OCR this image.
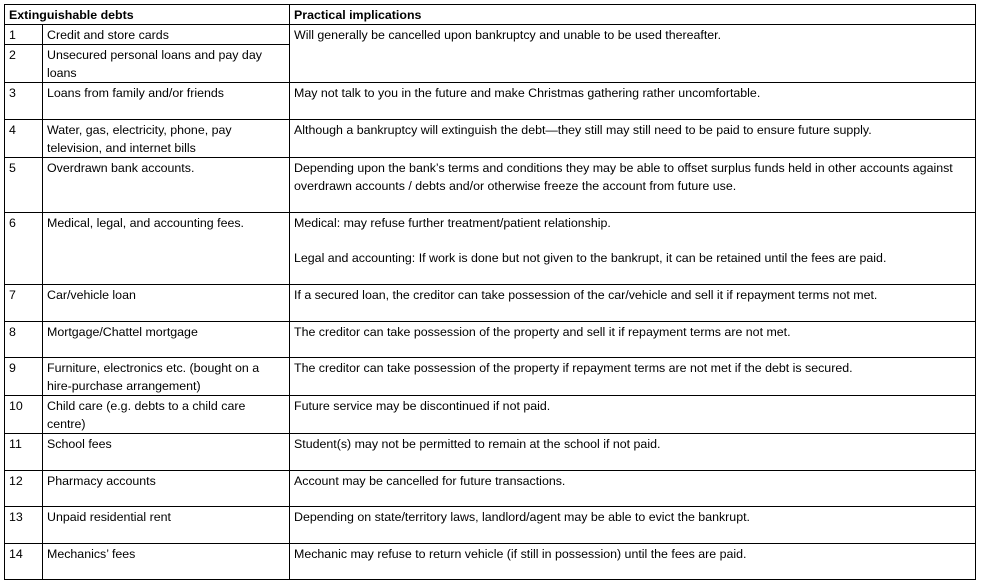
Extinguishable debts		Practical implications
1	Credit and store cards	Will generally be cancelled upon bankruptcy and unable to be used thereafter.
2	Unsecured personal loans and pay day loans	
3	Loans from family and/or friends	May not talk to you in the future and make Christmas gathering rather uncomfortable.
4	Water, gas, electricity, phone, pay television, and internet bills	Although a bankruptcy will extinguish the debt—they still may still need to be paid to ensure future supply.
5	Overdrawn bank accounts.	Depending upon the bank’s terms and conditions they may be able to offset surplus funds held in other accounts against overdrawn accounts / debts and/or otherwise freeze the account from future use.
6	Medical, legal, and accounting fees.	Medical: may refuse further treatment/patient relationship.
Legal and accounting: If work is done but not given to the bankrupt, it can be retained until the fees are paid.

7	Car/vehicle loan	If a secured loan, the creditor can take possession of the car/vehicle and sell it if repayment terms not met.
8	Mortgage/Chattel mortgage	The creditor can take possession of the property and sell it if repayment terms are not met.
9	Furniture, electronics etc. (bought on a hire-purchase arrangement)	The creditor can take possession of the property if repayment terms are not met if the debt is secured.
10	Child care (e.g. debts to a child care centre)	Future service may be discontinued if not paid.
11	School fees	Student(s) may not be permitted to remain at the school if not paid.
12	Pharmacy accounts	Account may be cancelled for future transactions.
13	Unpaid residential rent	Depending on state/territory laws, landlord/agent may be able to evict the bankrupt.
14	Mechanics’ fees	Mechanic may refuse to return vehicle (if still in possession) until the fees are paid.
